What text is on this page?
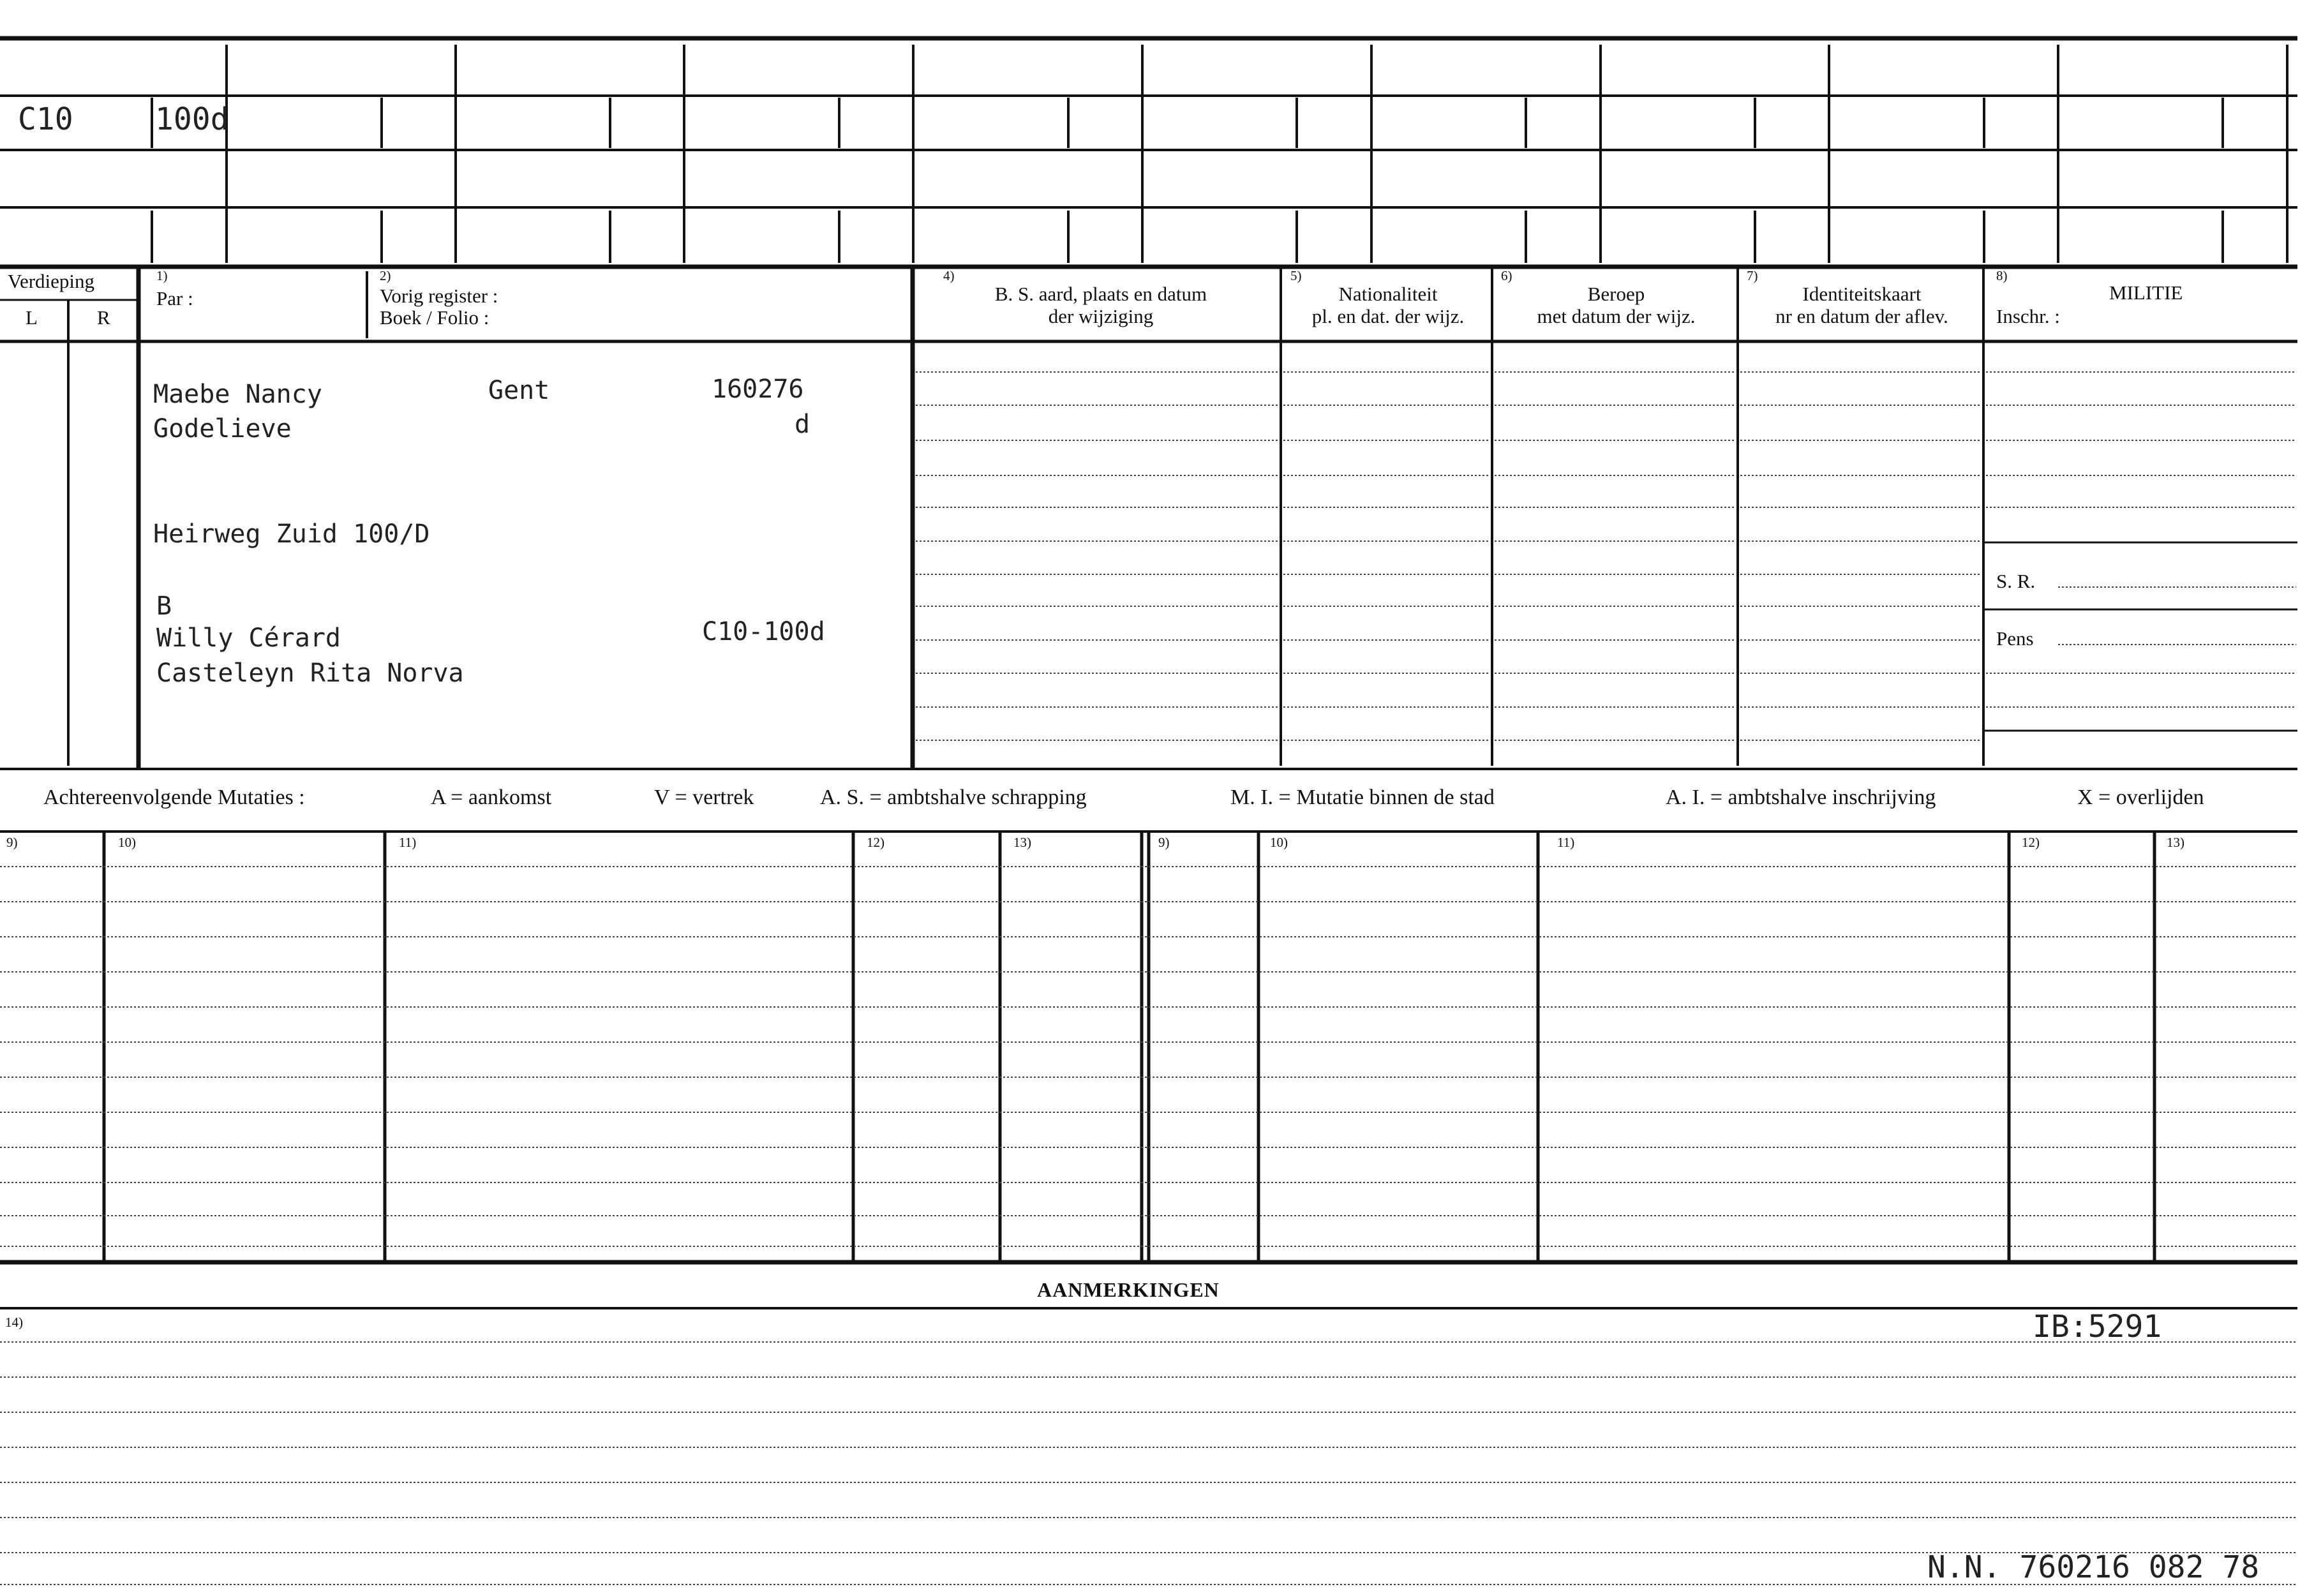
C10	100d
Verdieping
L	R
1)
Par :
2)
Vorig register :
Boek / Folio :
4)
B. S. aard, plaats en datum
der wijziging
5)
Nationaliteit
pl. en dat. der wijz.
6)
Beroep
met datum der wijz.
7)
Identiteitskaart
nr en datum der aflev.
8)
MILITIE
Inschr. :
S. R.
Pens
Maebe Nancy
Godelieve
Gent	160276
d
Heirweg Zuid 100/D
B
Willy Cérard	C10-100d
Casteleyn Rita Norva
Achtereenvolgende Mutaties :	A = aankomst	V = vertrek	A. S. = ambtshalve schrapping	M. I. = Mutatie binnen de stad	A. I. = ambtshalve inschrijving	X = overlijden
9)	10)	11)	12)	13)	9)	10)	11)	12)	13)
AANMERKINGEN
14)	IB:5291
N.N. 760216 082 78
